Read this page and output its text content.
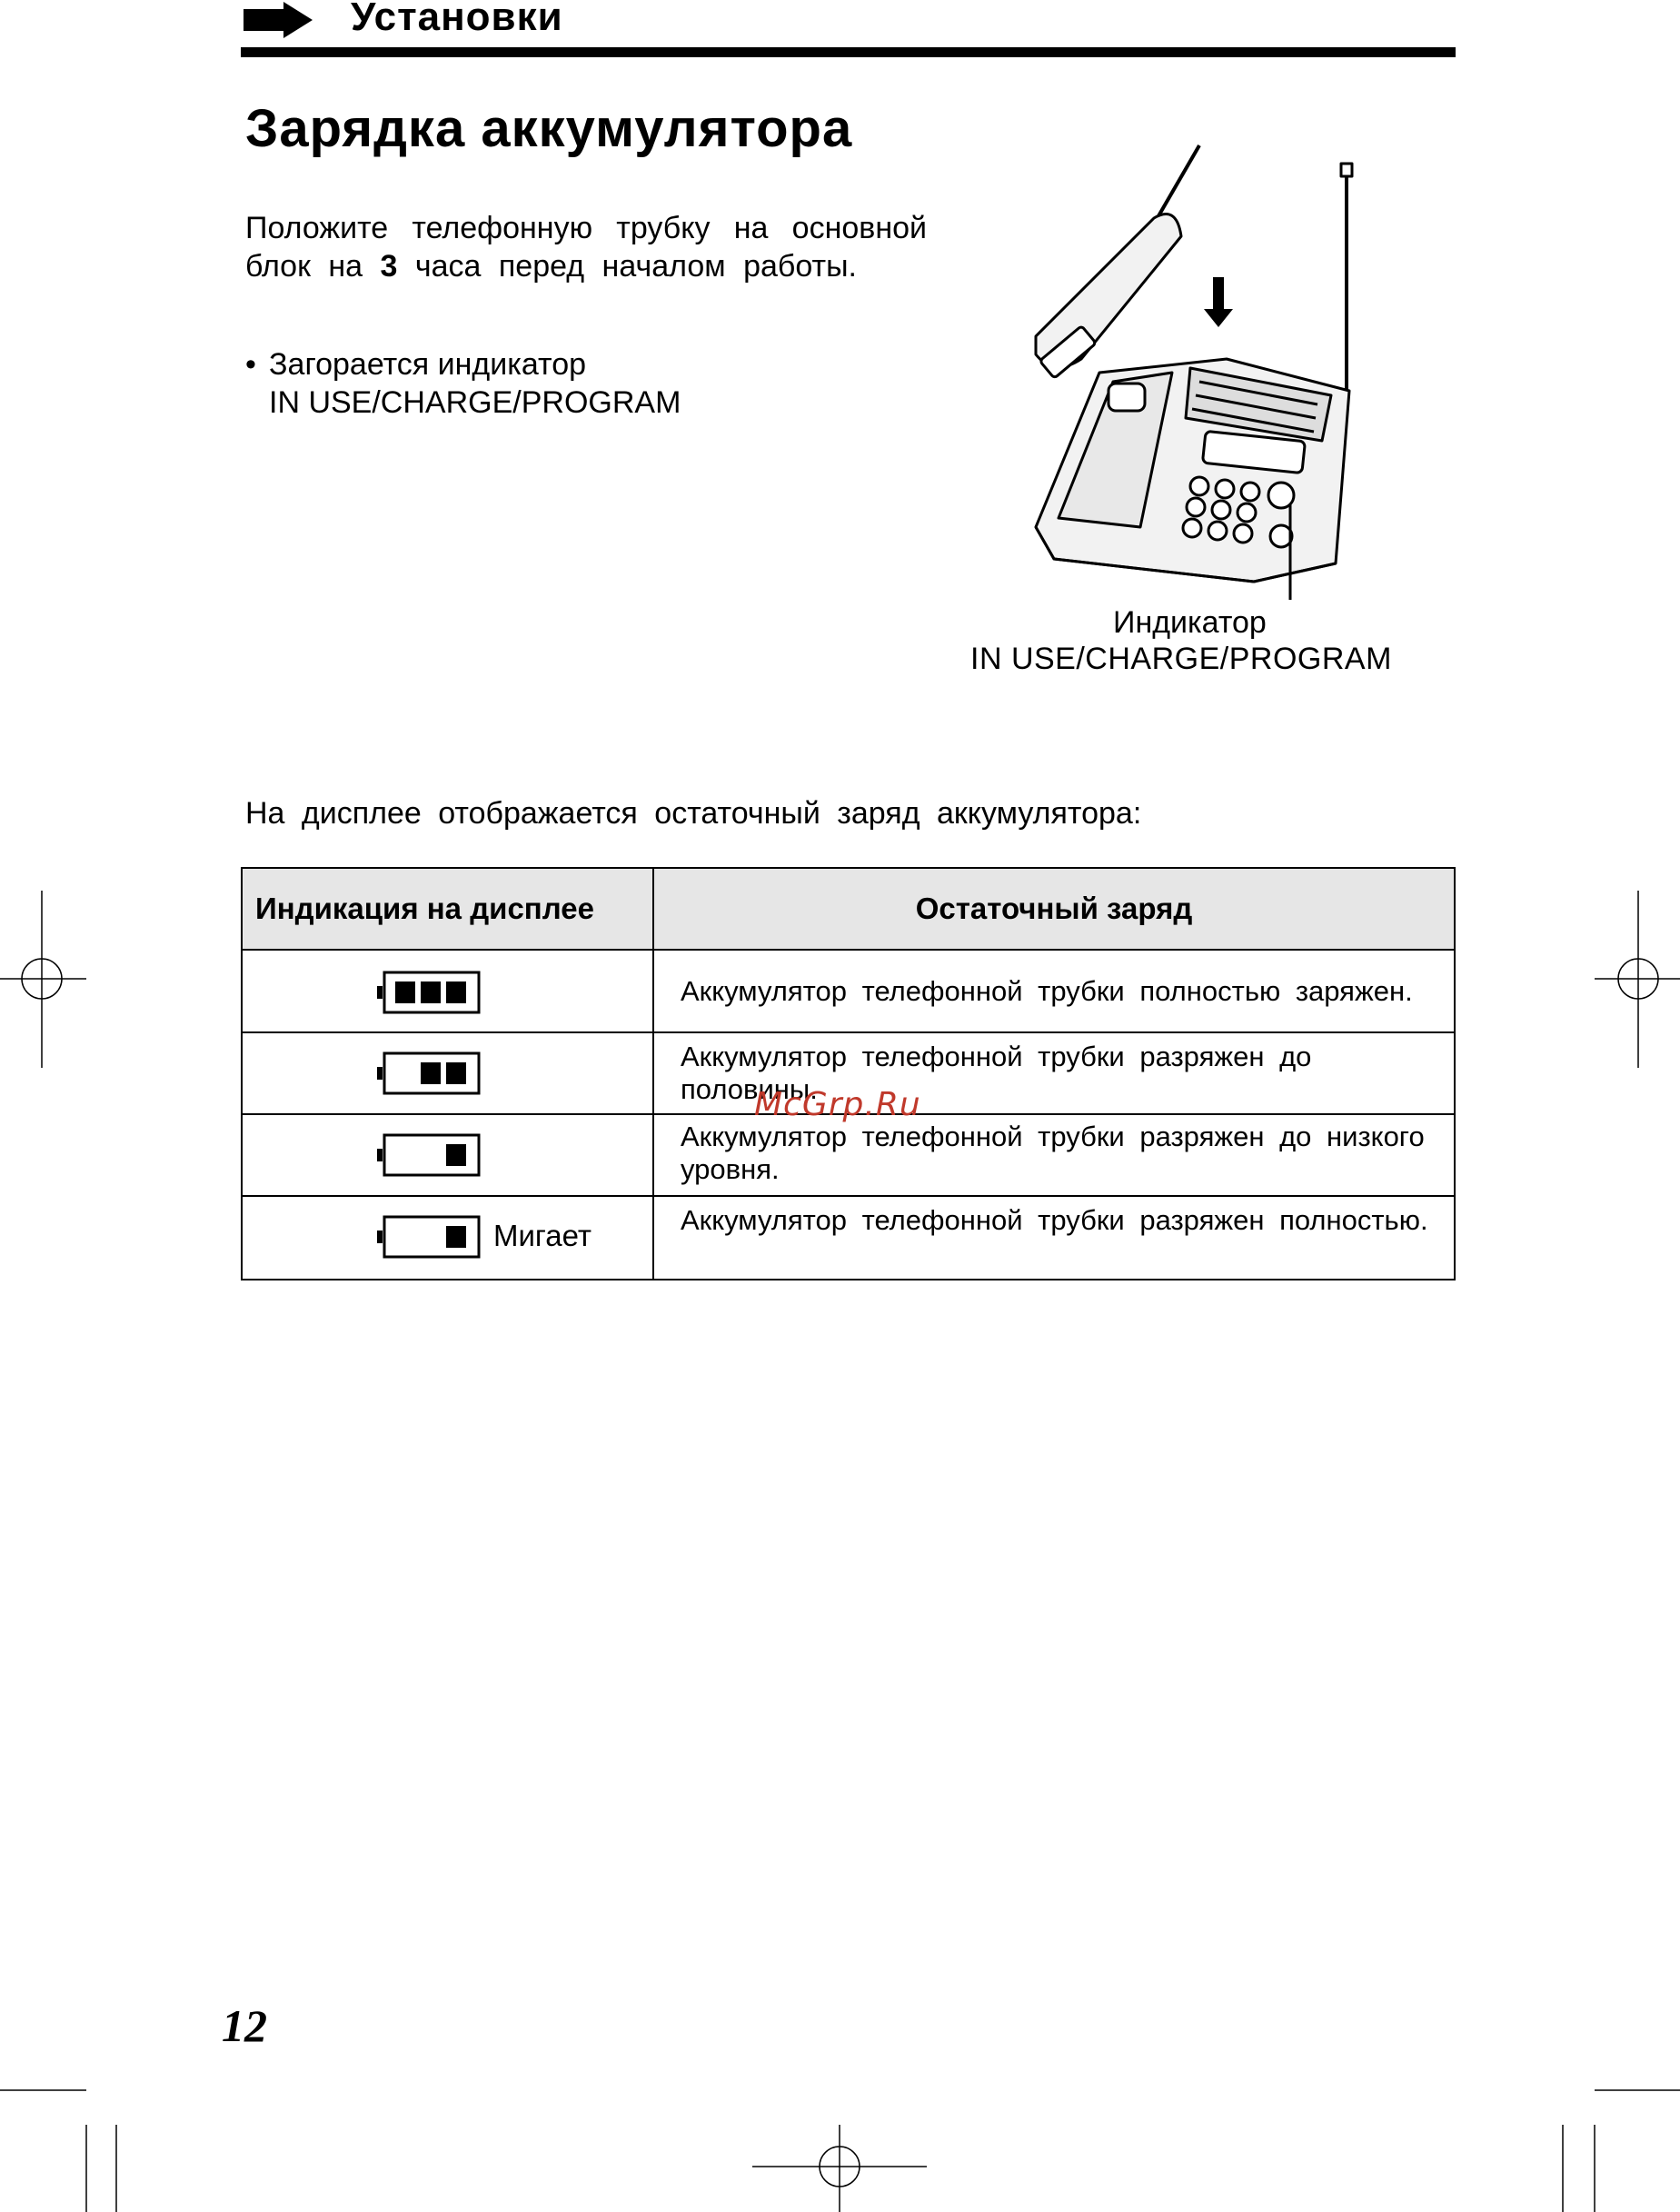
Установки
Зарядка аккумулятора
Положите телефонную трубку на основной блок на 3 часа перед началом работы.
• Загорается индикатор
IN USE/CHARGE/PROGRAM
Индикатор
IN USE/CHARGE/PROGRAM
На дисплее отображается остаточный заряд аккумулятора:
Индикация на дисплее	Остаточный заряд
Аккумулятор телефонной трубки полностью заряжен.
Аккумулятор телефонной трубки разряжен до половины.
Аккумулятор телефонной трубки разряжен до низкого уровня.
Мигает	Аккумулятор телефонной трубки разряжен полностью.
McGrp.Ru
12
